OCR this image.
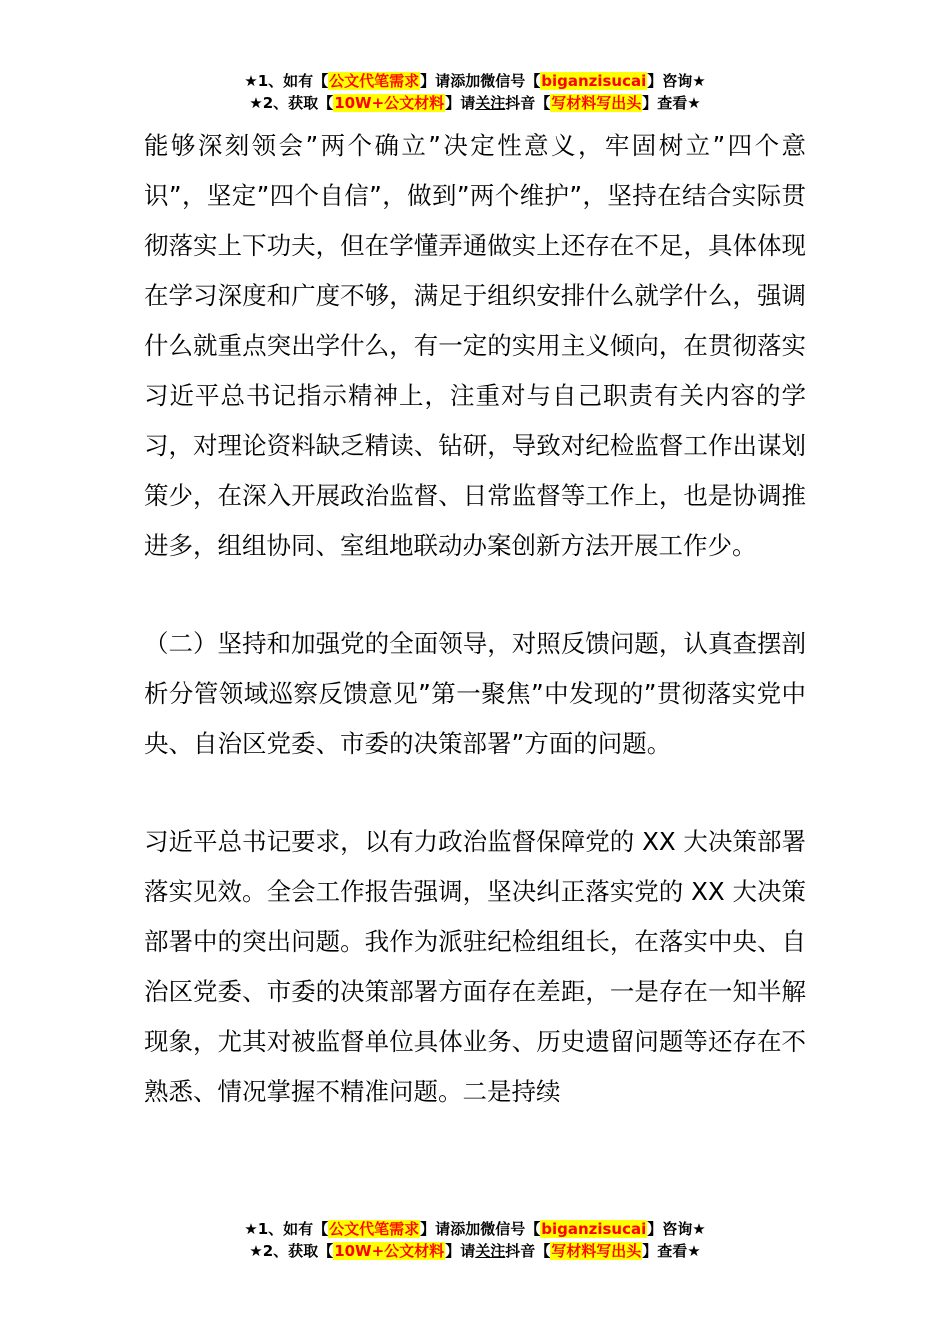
★1、如有【公文代笔需求】请添加微信号【biganzisucai】咨询★
★2、获取【10W+公文材料】请关注抖音【写材料写出头】查看★

能够深刻领会”两个确立”决定性意义，牢固树立”四个意识”，坚定”四个自信”，做到”两个维护”，坚持在结合实际贯彻落实上下功夫，但在学懂弄通做实上还存在不足，具体体现在学习深度和广度不够，满足于组织安排什么就学什么，强调什么就重点突出学什么，有一定的实用主义倾向，在贯彻落实习近平总书记指示精神上，注重对与自己职责有关内容的学习，对理论资料缺乏精读、钻研，导致对纪检监督工作出谋划策少，在深入开展政治监督、日常监督等工作上，也是协调推进多，组组协同、室组地联动办案创新方法开展工作少。

（二）坚持和加强党的全面领导，对照反馈问题，认真查摆剖析分管领域巡察反馈意见”第一聚焦”中发现的”贯彻落实党中央、自治区党委、市委的决策部署”方面的问题。

习近平总书记要求，以有力政治监督保障党的 XX 大决策部署落实见效。全会工作报告强调，坚决纠正落实党的 XX 大决策部署中的突出问题。我作为派驻纪检组组长，在落实中央、自治区党委、市委的决策部署方面存在差距，一是存在一知半解现象，尤其对被监督单位具体业务、历史遗留问题等还存在不熟悉、情况掌握不精准问题。二是持续

★1、如有【公文代笔需求】请添加微信号【biganzisucai】咨询★
★2、获取【10W+公文材料】请关注抖音【写材料写出头】查看★
